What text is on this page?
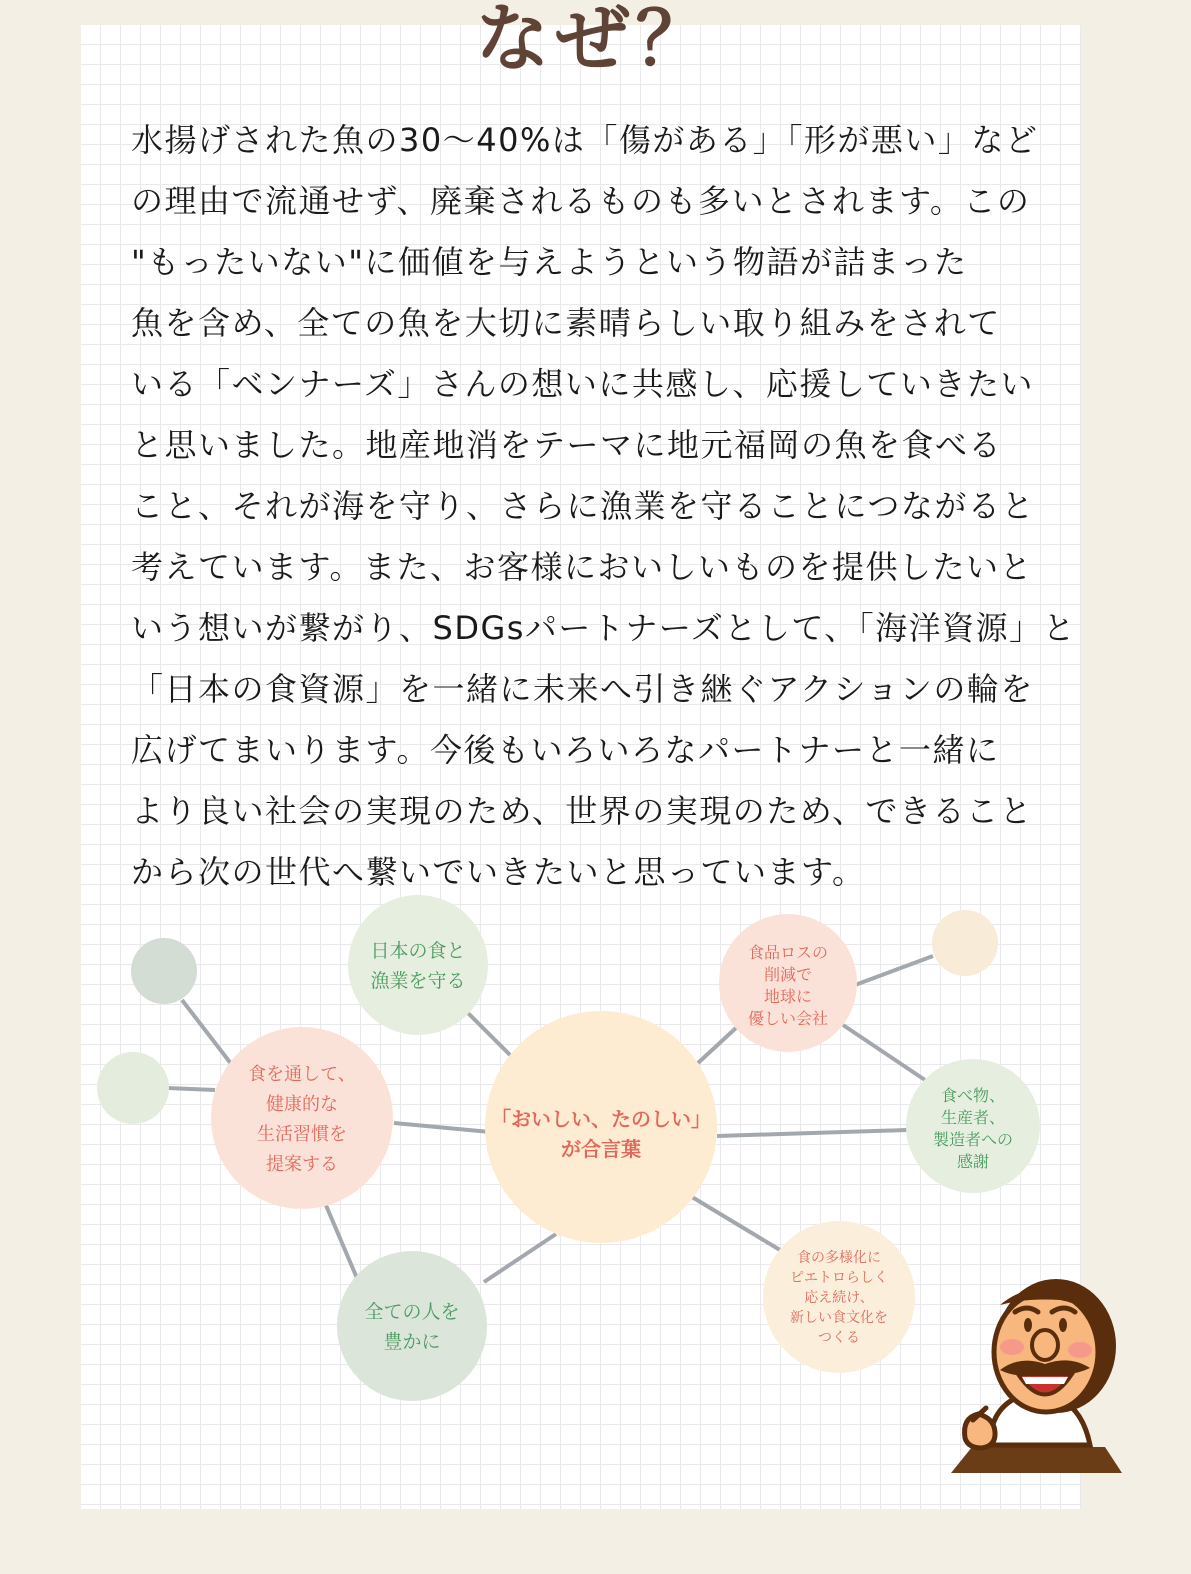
なぜ？
水揚げされた魚の30〜40%は「傷がある」「形が悪い」など
の理由で流通せず、廃棄されるものも多いとされます。この
"もったいない"に価値を与えようという物語が詰まった
魚を含め、全ての魚を大切に素晴らしい取り組みをされて
いる「ベンナーズ」さんの想いに共感し、応援していきたい
と思いました。地産地消をテーマに地元福岡の魚を食べる
こと、それが海を守り、さらに漁業を守ることにつながると
考えています。また、お客様においしいものを提供したいと
いう想いが繋がり、SDGsパートナーズとして、「海洋資源」と
「日本の食資源」を一緒に未来へ引き継ぐアクションの輪を
広げてまいります。今後もいろいろなパートナーと一緒に
より良い社会の実現のため、世界の実現のため、できること
から次の世代へ繋いでいきたいと思っています。
日本の食と
漁業を守る
食品ロスの
削減で
地球に
優しい会社
食を通して、
健康的な
生活習慣を
提案する
「おいしい、たのしい」
が合言葉
食べ物、
生産者、
製造者への
感謝
全ての人を
豊かに
食の多様化に
ピエトロらしく
応え続け、
新しい食文化を
つくる
